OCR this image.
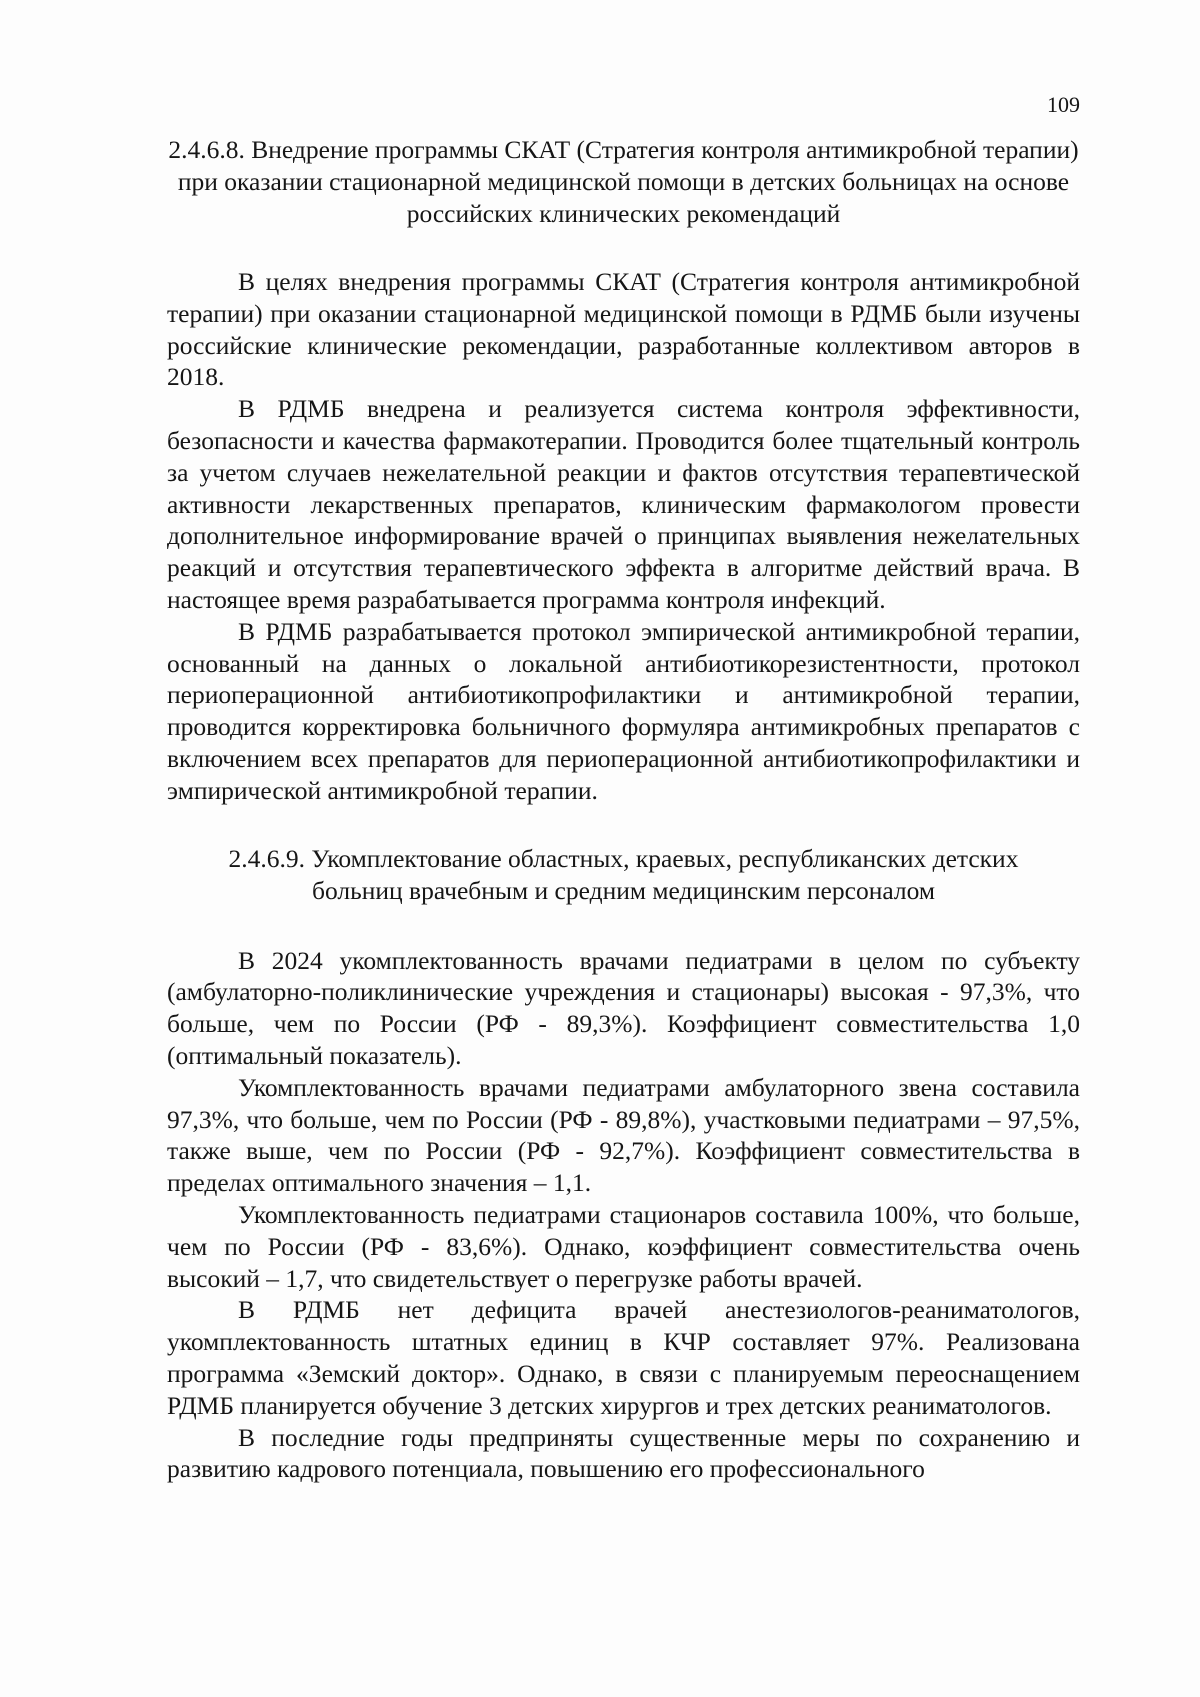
109

2.4.6.8. Внедрение программы СКАТ (Стратегия контроля антимикробной терапии) при оказании стационарной медицинской помощи в детских больницах на основе российских клинических рекомендаций

В целях внедрения программы СКАТ (Стратегия контроля антимикробной терапии) при оказании стационарной медицинской помощи в РДМБ были изучены российские клинические рекомендации, разработанные коллективом авторов в 2018.

В РДМБ внедрена и реализуется система контроля эффективности, безопасности и качества фармакотерапии. Проводится более тщательный контроль за учетом случаев нежелательной реакции и фактов отсутствия терапевтической активности лекарственных препаратов, клиническим фармакологом провести дополнительное информирование врачей о принципах выявления нежелательных реакций и отсутствия терапевтического эффекта в алгоритме действий врача. В настоящее время разрабатывается программа контроля инфекций.

В РДМБ разрабатывается протокол эмпирической антимикробной терапии, основанный на данных о локальной антибиотикорезистентности, протокол периоперационной антибиотикопрофилактики и антимикробной терапии, проводится корректировка больничного формуляра антимикробных препаратов с включением всех препаратов для периоперационной антибиотикопрофилактики и эмпирической антимикробной терапии.

2.4.6.9. Укомплектование областных, краевых, республиканских детских больниц врачебным и средним медицинским персоналом

В 2024 укомплектованность врачами педиатрами в целом по субъекту (амбулаторно-поликлинические учреждения и стационары) высокая - 97,3%, что больше, чем по России (РФ - 89,3%). Коэффициент совместительства 1,0 (оптимальный показатель).

Укомплектованность врачами педиатрами амбулаторного звена составила 97,3%, что больше, чем по России (РФ - 89,8%), участковыми педиатрами – 97,5%, также выше, чем по России (РФ - 92,7%). Коэффициент совместительства в пределах оптимального значения – 1,1.

Укомплектованность педиатрами стационаров составила 100%, что больше, чем по России (РФ - 83,6%). Однако, коэффициент совместительства очень высокий – 1,7, что свидетельствует о перегрузке работы врачей.

В РДМБ нет дефицита врачей анестезиологов-реаниматологов, укомплектованность штатных единиц в КЧР составляет 97%. Реализована программа «Земский доктор». Однако, в связи с планируемым переоснащением РДМБ планируется обучение 3 детских хирургов и трех детских реаниматологов.

В последние годы предприняты существенные меры по сохранению и развитию кадрового потенциала, повышению его профессионального
